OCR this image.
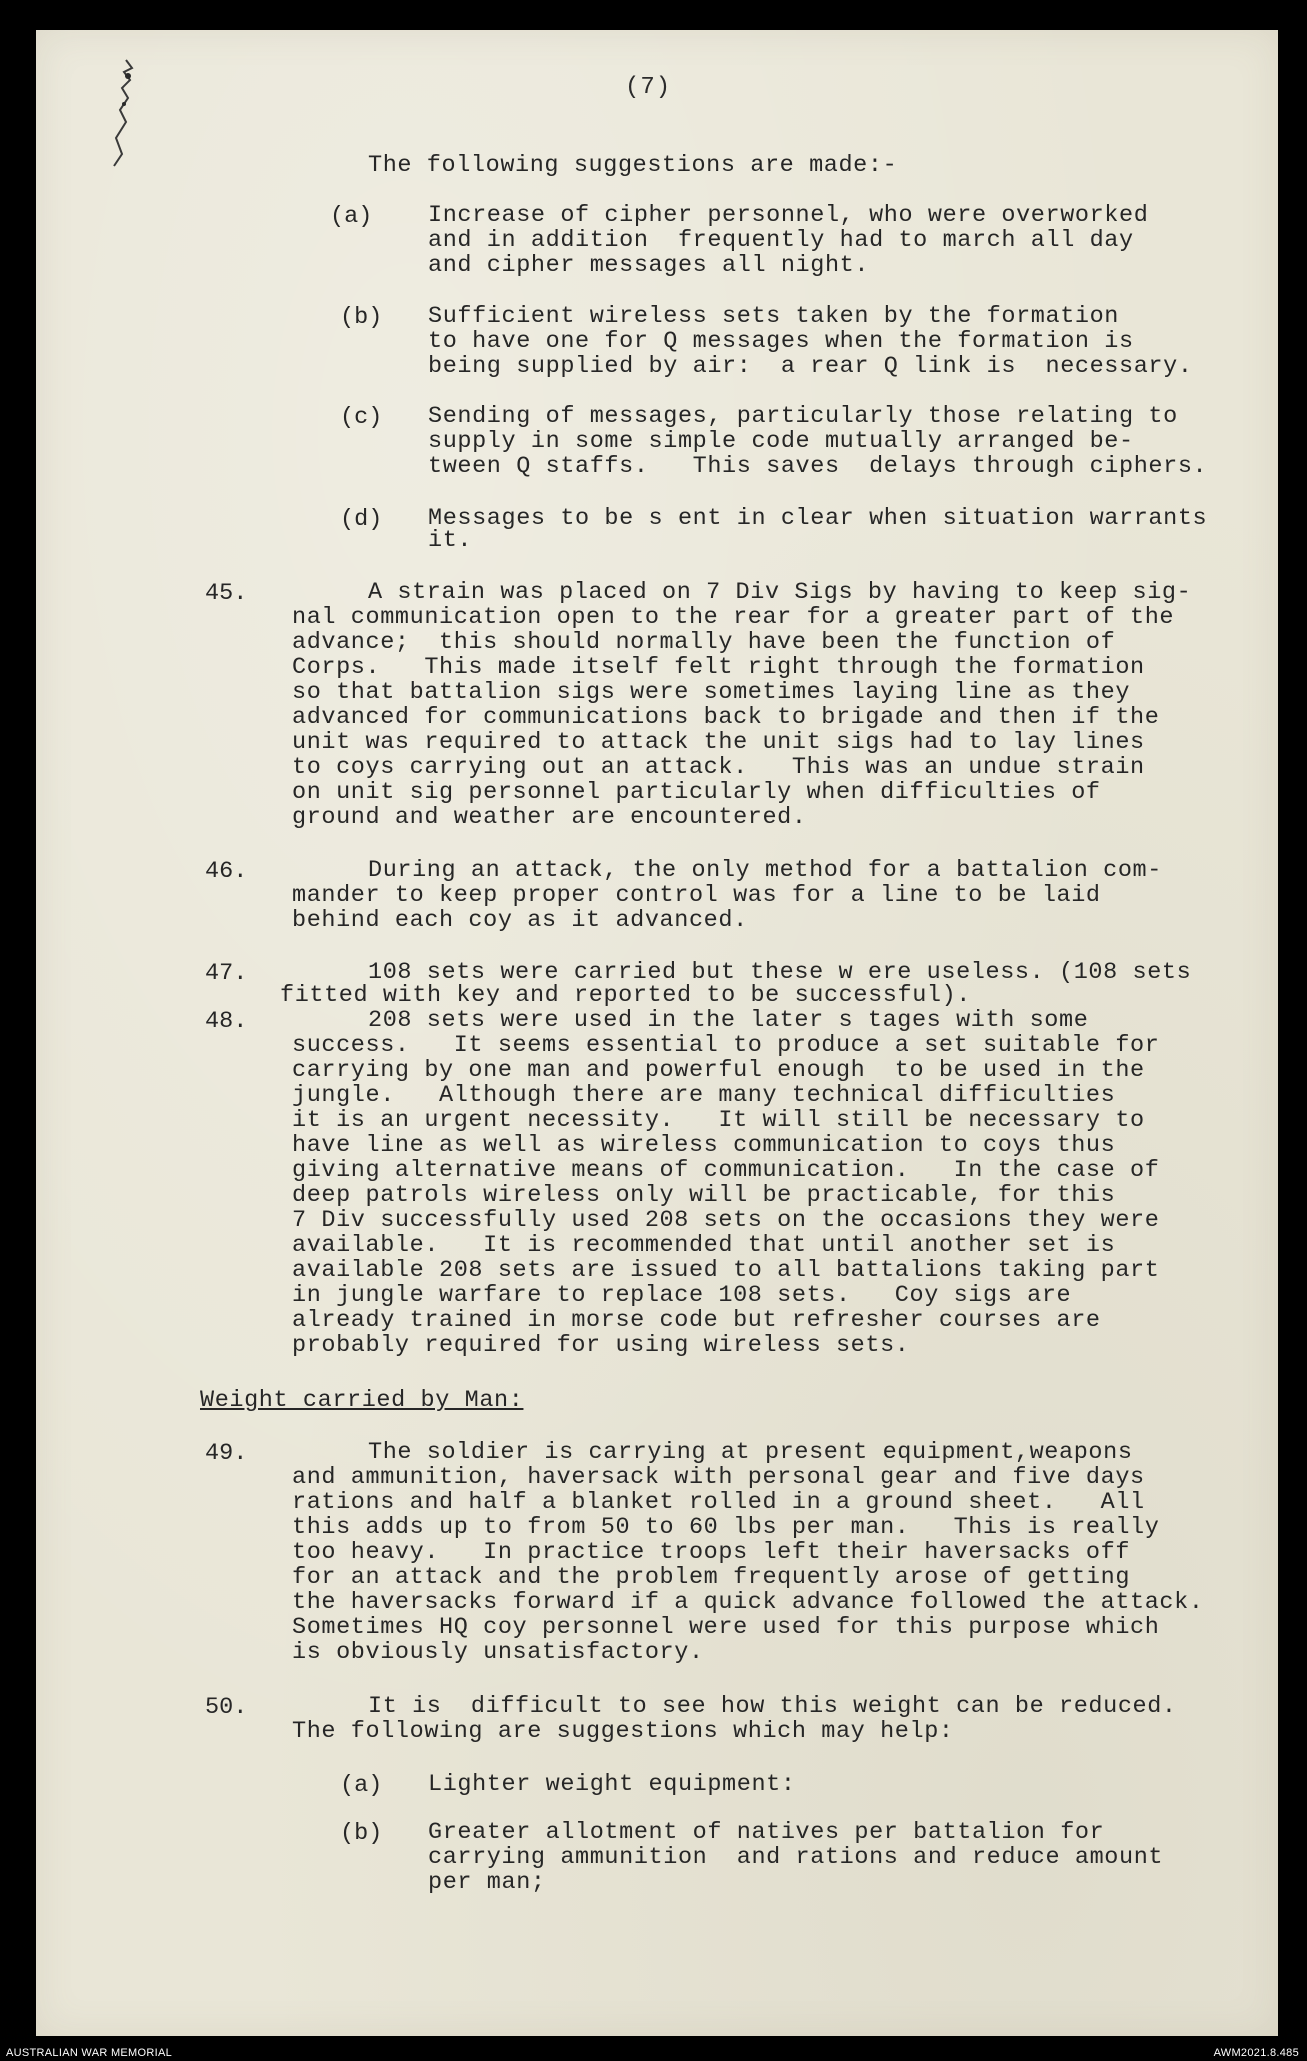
(7)
The following suggestions are made:-
(a) Increase of cipher personnel, who were overworked
and in addition  frequently had to march all day
and cipher messages all night.
(b) Sufficient wireless sets taken by the formation
to have one for Q messages when the formation is
being supplied by air:  a rear Q link is  necessary.
(c) Sending of messages, particularly those relating to
supply in some simple code mutually arranged be-
tween Q staffs.   This saves  delays through ciphers.
(d) Messages to be s ent in clear when situation warrants
it.
45.	A strain was placed on 7 Div Sigs by having to keep sig-
nal communication open to the rear for a greater part of the
advance;  this should normally have been the function of
Corps.   This made itself felt right through the formation
so that battalion sigs were sometimes laying line as they
advanced for communications back to brigade and then if the
unit was required to attack the unit sigs had to lay lines
to coys carrying out an attack.   This was an undue strain
on unit sig personnel particularly when difficulties of
ground and weather are encountered.
46.	During an attack, the only method for a battalion com-
mander to keep proper control was for a line to be laid
behind each coy as it advanced.
47.	108 sets were carried but these w ere useless. (108 sets
fitted with key and reported to be successful).
48.	208 sets were used in the later s tages with some
success.   It seems essential to produce a set suitable for
carrying by one man and powerful enough  to be used in the
jungle.   Although there are many technical difficulties
it is an urgent necessity.   It will still be necessary to
have line as well as wireless communication to coys thus
giving alternative means of communication.   In the case of
deep patrols wireless only will be practicable, for this
7 Div successfully used 208 sets on the occasions they were
available.   It is recommended that until another set is
available 208 sets are issued to all battalions taking part
in jungle warfare to replace 108 sets.   Coy sigs are
already trained in morse code but refresher courses are
probably required for using wireless sets.
Weight carried by Man:
49.	The soldier is carrying at present equipment,weapons
and ammunition, haversack with personal gear and five days
rations and half a blanket rolled in a ground sheet.   All
this adds up to from 50 to 60 lbs per man.   This is really
too heavy.   In practice troops left their haversacks off
for an attack and the problem frequently arose of getting
the haversacks forward if a quick advance followed the attack.
Sometimes HQ coy personnel were used for this purpose which
is obviously unsatisfactory.
50.	It is  difficult to see how this weight can be reduced.
The following are suggestions which may help:
(a) Lighter weight equipment:
(b) Greater allotment of natives per battalion for
carrying ammunition  and rations and reduce amount
per man;
AUSTRALIAN WAR MEMORIAL	AWM2021.8.485
